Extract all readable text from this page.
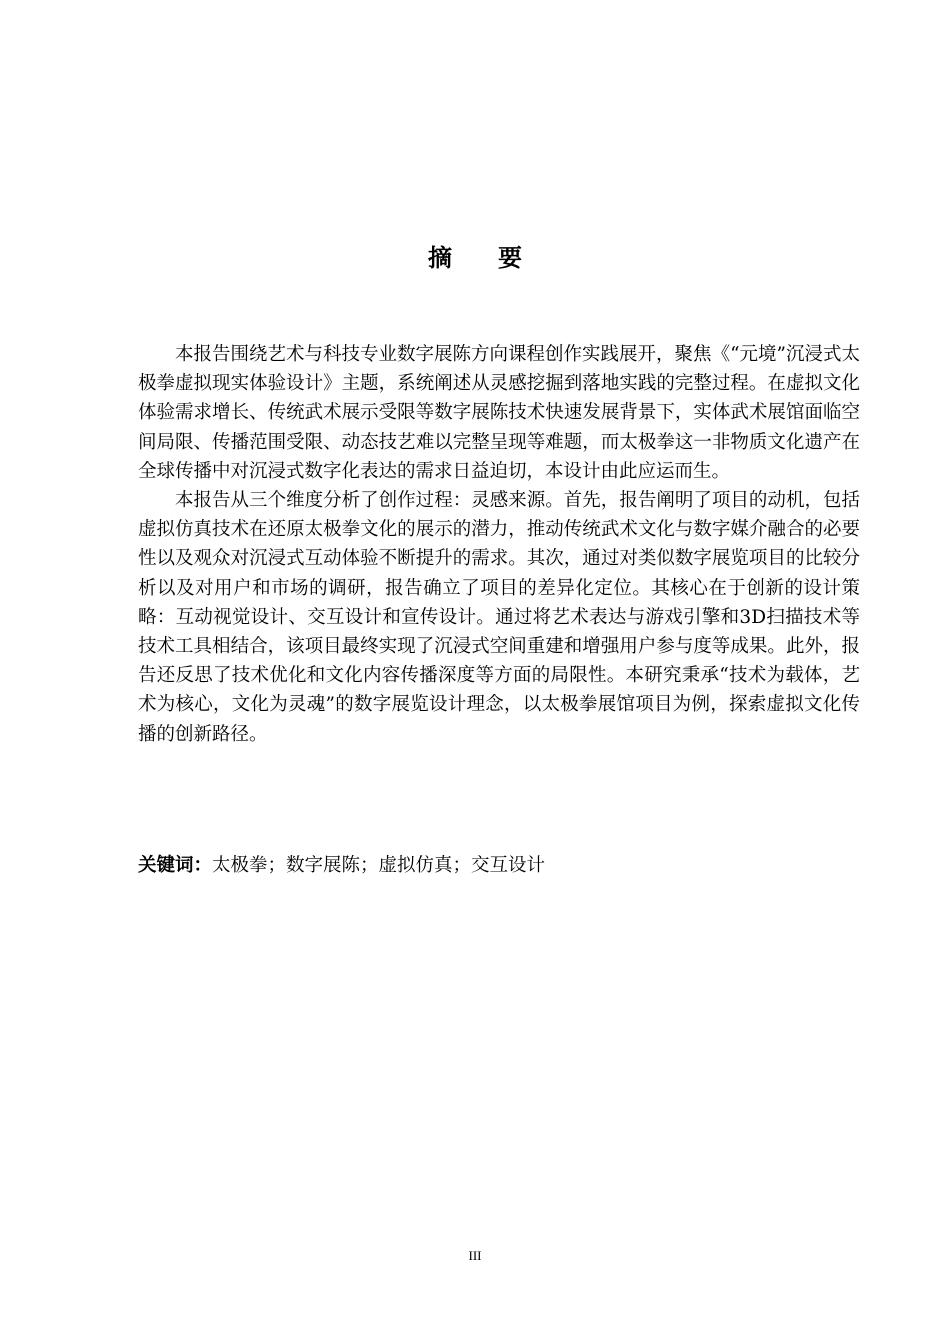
摘要

本报告围绕艺术与科技专业数字展陈方向课程创作实践展开，聚焦《“元境”沉浸式太极拳虚拟现实体验设计》主题，系统阐述从灵感挖掘到落地实践的完整过程。在虚拟文化体验需求增长、传统武术展示受限等数字展陈技术快速发展背景下，实体武术展馆面临空间局限、传播范围受限、动态技艺难以完整呈现等难题，而太极拳这一非物质文化遗产在全球传播中对沉浸式数字化表达的需求日益迫切，本设计由此应运而生。

本报告从三个维度分析了创作过程：灵感来源。首先，报告阐明了项目的动机，包括虚拟仿真技术在还原太极拳文化的展示的潜力，推动传统武术文化与数字媒介融合的必要性以及观众对沉浸式互动体验不断提升的需求。其次，通过对类似数字展览项目的比较分析以及对用户和市场的调研，报告确立了项目的差异化定位。其核心在于创新的设计策略：互动视觉设计、交互设计和宣传设计。通过将艺术表达与游戏引擎和3D扫描技术等技术工具相结合，该项目最终实现了沉浸式空间重建和增强用户参与度等成果。此外，报告还反思了技术优化和文化内容传播深度等方面的局限性。本研究秉承“技术为载体，艺术为核心，文化为灵魂”的数字展览设计理念，以太极拳展馆项目为例，探索虚拟文化传播的创新路径。

关键词：太极拳；数字展陈；虚拟仿真；交互设计

III
